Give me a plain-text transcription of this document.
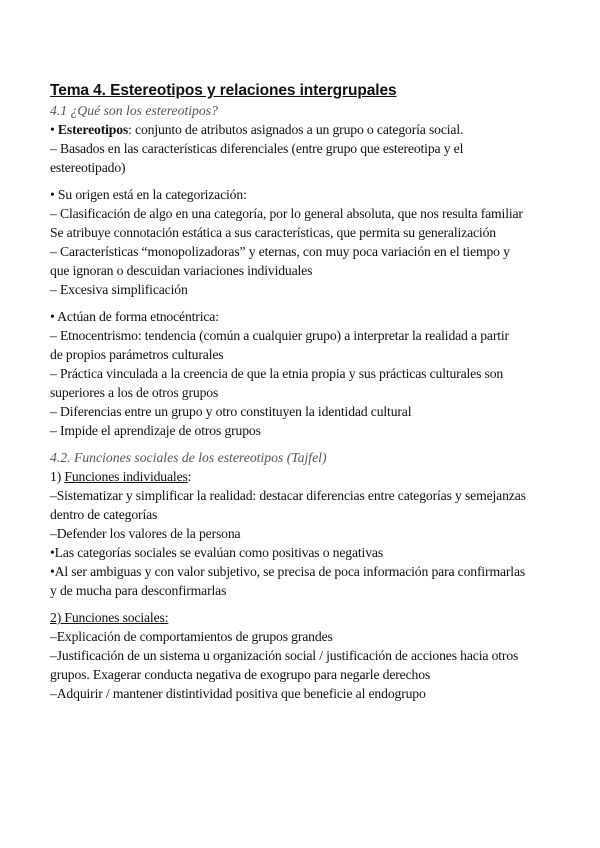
Tema 4. Estereotipos y relaciones intergrupales
4.1 ¿Qué son los estereotipos?
• Estereotipos: conjunto de atributos asignados a un grupo o categoría social.
– Basados en las características diferenciales (entre grupo que estereotipa y el
estereotipado)
• Su origen está en la categorización:
– Clasificación de algo en una categoría, por lo general absoluta, que nos resulta familiar
Se atribuye connotación estática a sus características, que permita su generalización
– Características “monopolizadoras” y eternas, con muy poca variación en el tiempo y
que ignoran o descuidan variaciones individuales
– Excesiva simplificación
• Actúan de forma etnocéntrica:
– Etnocentrismo: tendencia (común a cualquier grupo) a interpretar la realidad a partir
de propios parámetros culturales
– Práctica vinculada a la creencia de que la etnia propia y sus prácticas culturales son
superiores a los de otros grupos
– Diferencias entre un grupo y otro constituyen la identidad cultural
– Impide el aprendizaje de otros grupos
4.2. Funciones sociales de los estereotipos (Tajfel)
1) Funciones individuales:
–Sistematizar y simplificar la realidad: destacar diferencias entre categorías y semejanzas
dentro de categorías
–Defender los valores de la persona
•Las categorías sociales se evalúan como positivas o negativas
•Al ser ambiguas y con valor subjetivo, se precisa de poca información para confirmarlas
y de mucha para desconfirmarlas
2) Funciones sociales:
–Explicación de comportamientos de grupos grandes
–Justificación de un sistema u organización social / justificación de acciones hacia otros
grupos. Exagerar conducta negativa de exogrupo para negarle derechos
–Adquirir / mantener distintividad positiva que beneficie al endogrupo
